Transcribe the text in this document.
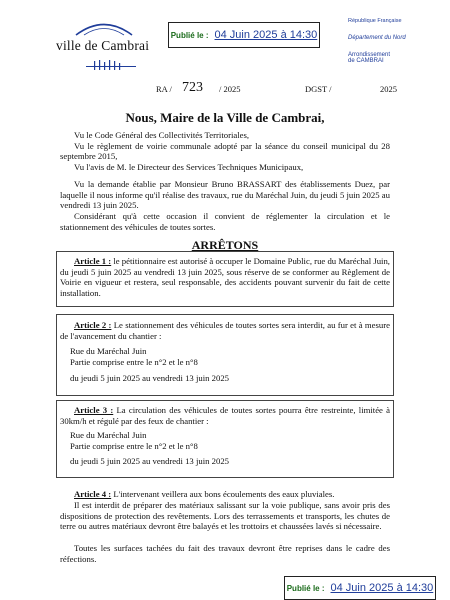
ville de Cambrai
Publié le : 04 Juin 2025 à 14:30
République Française
Département du Nord
Arrondissement
de CAMBRAI
RA / 723 / 2025	DGST /	2025
Nous, Maire de la Ville de Cambrai,
Vu le Code Général des Collectivités Territoriales,
Vu le règlement de voirie communale adopté par la séance du conseil municipal du 28 septembre 2015,
Vu l'avis de M. le Directeur des Services Techniques Municipaux,
Vu la demande établie par Monsieur Bruno BRASSART des établissements Duez, par laquelle il nous informe qu'il réalise des travaux, rue du Maréchal Juin, du jeudi 5 juin 2025 au vendredi 13 juin 2025.
Considérant qu'à cette occasion il convient de réglementer la circulation et le stationnement des véhicules de toutes sortes.
ARRÊTONS
Article 1 : le pétitionnaire est autorisé à occuper le Domaine Public, rue du Maréchal Juin, du jeudi 5 juin 2025 au vendredi 13 juin 2025, sous réserve de se conformer au Règlement de Voirie en vigueur et restera, seul responsable, des accidents pouvant survenir du fait de cette installation.
Article 2 : Le stationnement des véhicules de toutes sortes sera interdit, au fur et à mesure de l'avancement du chantier :
Rue du Maréchal Juin
Partie comprise entre le n°2 et le n°8
du jeudi 5 juin 2025 au vendredi 13 juin 2025
Article 3 : La circulation des véhicules de toutes sortes pourra être restreinte, limitée à 30km/h et régulé par des feux de chantier :
Rue du Maréchal Juin
Partie comprise entre le n°2 et le n°8
du jeudi 5 juin 2025 au vendredi 13 juin 2025
Article 4 : L'intervenant veillera aux bons écoulements des eaux pluviales.
Il est interdit de préparer des matériaux salissant sur la voie publique, sans avoir pris des dispositions de protection des revêtements. Lors des terrassements et transports, les chutes de terre ou autres matériaux devront être balayés et les trottoirs et chaussées lavés si nécessaire.
Toutes les surfaces tachées du fait des travaux devront être reprises dans le cadre des réfections.
Publié le : 04 Juin 2025 à 14:30
